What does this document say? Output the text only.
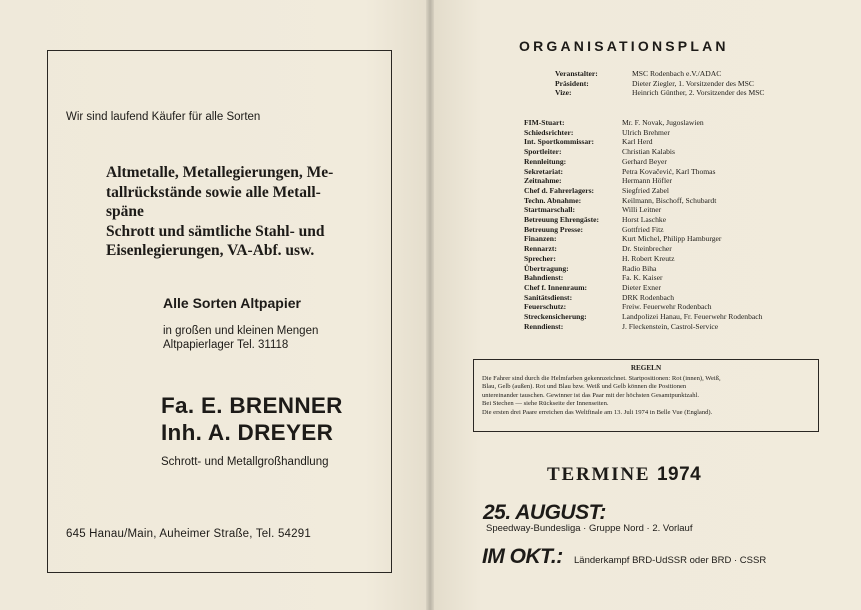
Wir sind laufend Käufer für alle Sorten
Altmetalle, Metallegierungen, Me-
tallrückstände sowie alle Metall-
späne
Schrott und sämtliche Stahl- und
Eisenlegierungen, VA-Abf. usw.
Alle Sorten Altpapier
in großen und kleinen Mengen
Altpapierlager Tel. 31118
Fa. E. BRENNER
Inh. A. DREYER
Schrott- und Metallgroßhandlung
645 Hanau/Main, Auheimer Straße, Tel. 54291
ORGANISATIONSPLAN
Veranstalter:	MSC Rodenbach e.V./ADAC
Präsident:	Dieter Ziegler, 1. Vorsitzender des MSC
Vize:	Heinrich Günther, 2. Vorsitzender des MSC
FIM-Stuart:	Mr. F. Novak, Jugoslawien
Schiedsrichter:	Ulrich Brehmer
Int. Sportkommissar:	Karl Herd
Sportleiter:	Christian Kalabis
Rennleitung:	Gerhard Beyer
Sekretariat:	Petra Kovačević, Karl Thomas
Zeitnahme:	Hermann Höfler
Chef d. Fahrerlagers:	Siegfried Zabel
Techn. Abnahme:	Keilmann, Bischoff, Schubardt
Startmarschall:	Willi Leitner
Betreuung Ehrengäste:	Horst Laschke
Betreuung Presse:	Gottfried Fitz
Finanzen:	Kurt Michel, Philipp Hamburger
Rennarzt:	Dr. Steinbrecher
Sprecher:	H. Robert Kreutz
Übertragung:	Radio Biha
Bahndienst:	Fa. K. Kaiser
Chef f. Innenraum:	Dieter Exner
Sanitätsdienst:	DRK Rodenbach
Feuerschutz:	Freiw. Feuerwehr Rodenbach
Streckensicherung:	Landpolizei Hanau, Fr. Feuerwehr Rodenbach
Renndienst:	J. Fleckenstein, Castrol-Service
REGELN
Die Fahrer sind durch die Helmfarben gekennzeichnet. Startpositionen: Rot (innen), Weiß,
Blau, Gelb (außen). Rot und Blau bzw. Weiß und Gelb können die Positionen
untereinander tauschen. Gewinner ist das Paar mit der höchsten Gesamtpunktzahl.
Bei Stechen — siehe Rückseite der Innenseiten.
Die ersten drei Paare erreichen das Weltfinale am 13. Juli 1974 in Belle Vue (England).
TERMINE 1974
25. AUGUST:
Speedway-Bundesliga · Gruppe Nord · 2. Vorlauf
IM OKT.: Länderkampf BRD-UdSSR oder BRD · CSSR
